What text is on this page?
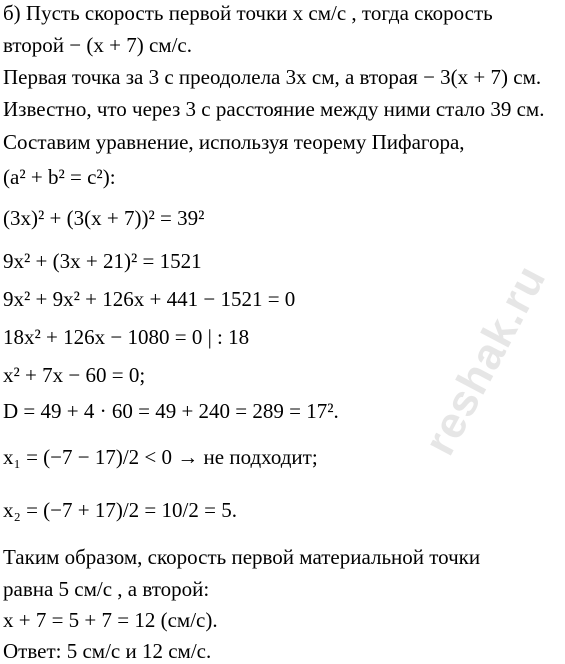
б) Пусть скорость первой точки x см/с , тогда скорость
второй − (x + 7) см/с.
Первая точка за 3 с преодолела 3x см, а вторая − 3(x + 7) см.
Известно, что через 3 с расстояние между ними стало 39 см.
Составим уравнение, используя теорему Пифагора,
(a² + b² = c²):
(3x)² + (3(x + 7))² = 39²
9x² + (3x + 21)² = 1521
9x² + 9x² + 126x + 441 − 1521 = 0
18x² + 126x − 1080 = 0 | : 18
x² + 7x − 60 = 0;
D = 49 + 4 · 60 = 49 + 240 = 289 = 17².
x₁ = (−7 − 17)/2 < 0 → не подходит;
x₂ = (−7 + 17)/2 = 10/2 = 5.
Таким образом, скорость первой материальной точки
равна 5 см/с , а второй:
x + 7 = 5 + 7 = 12 (см/с).
Ответ: 5 см/с и 12 см/с.
reshak.ru
